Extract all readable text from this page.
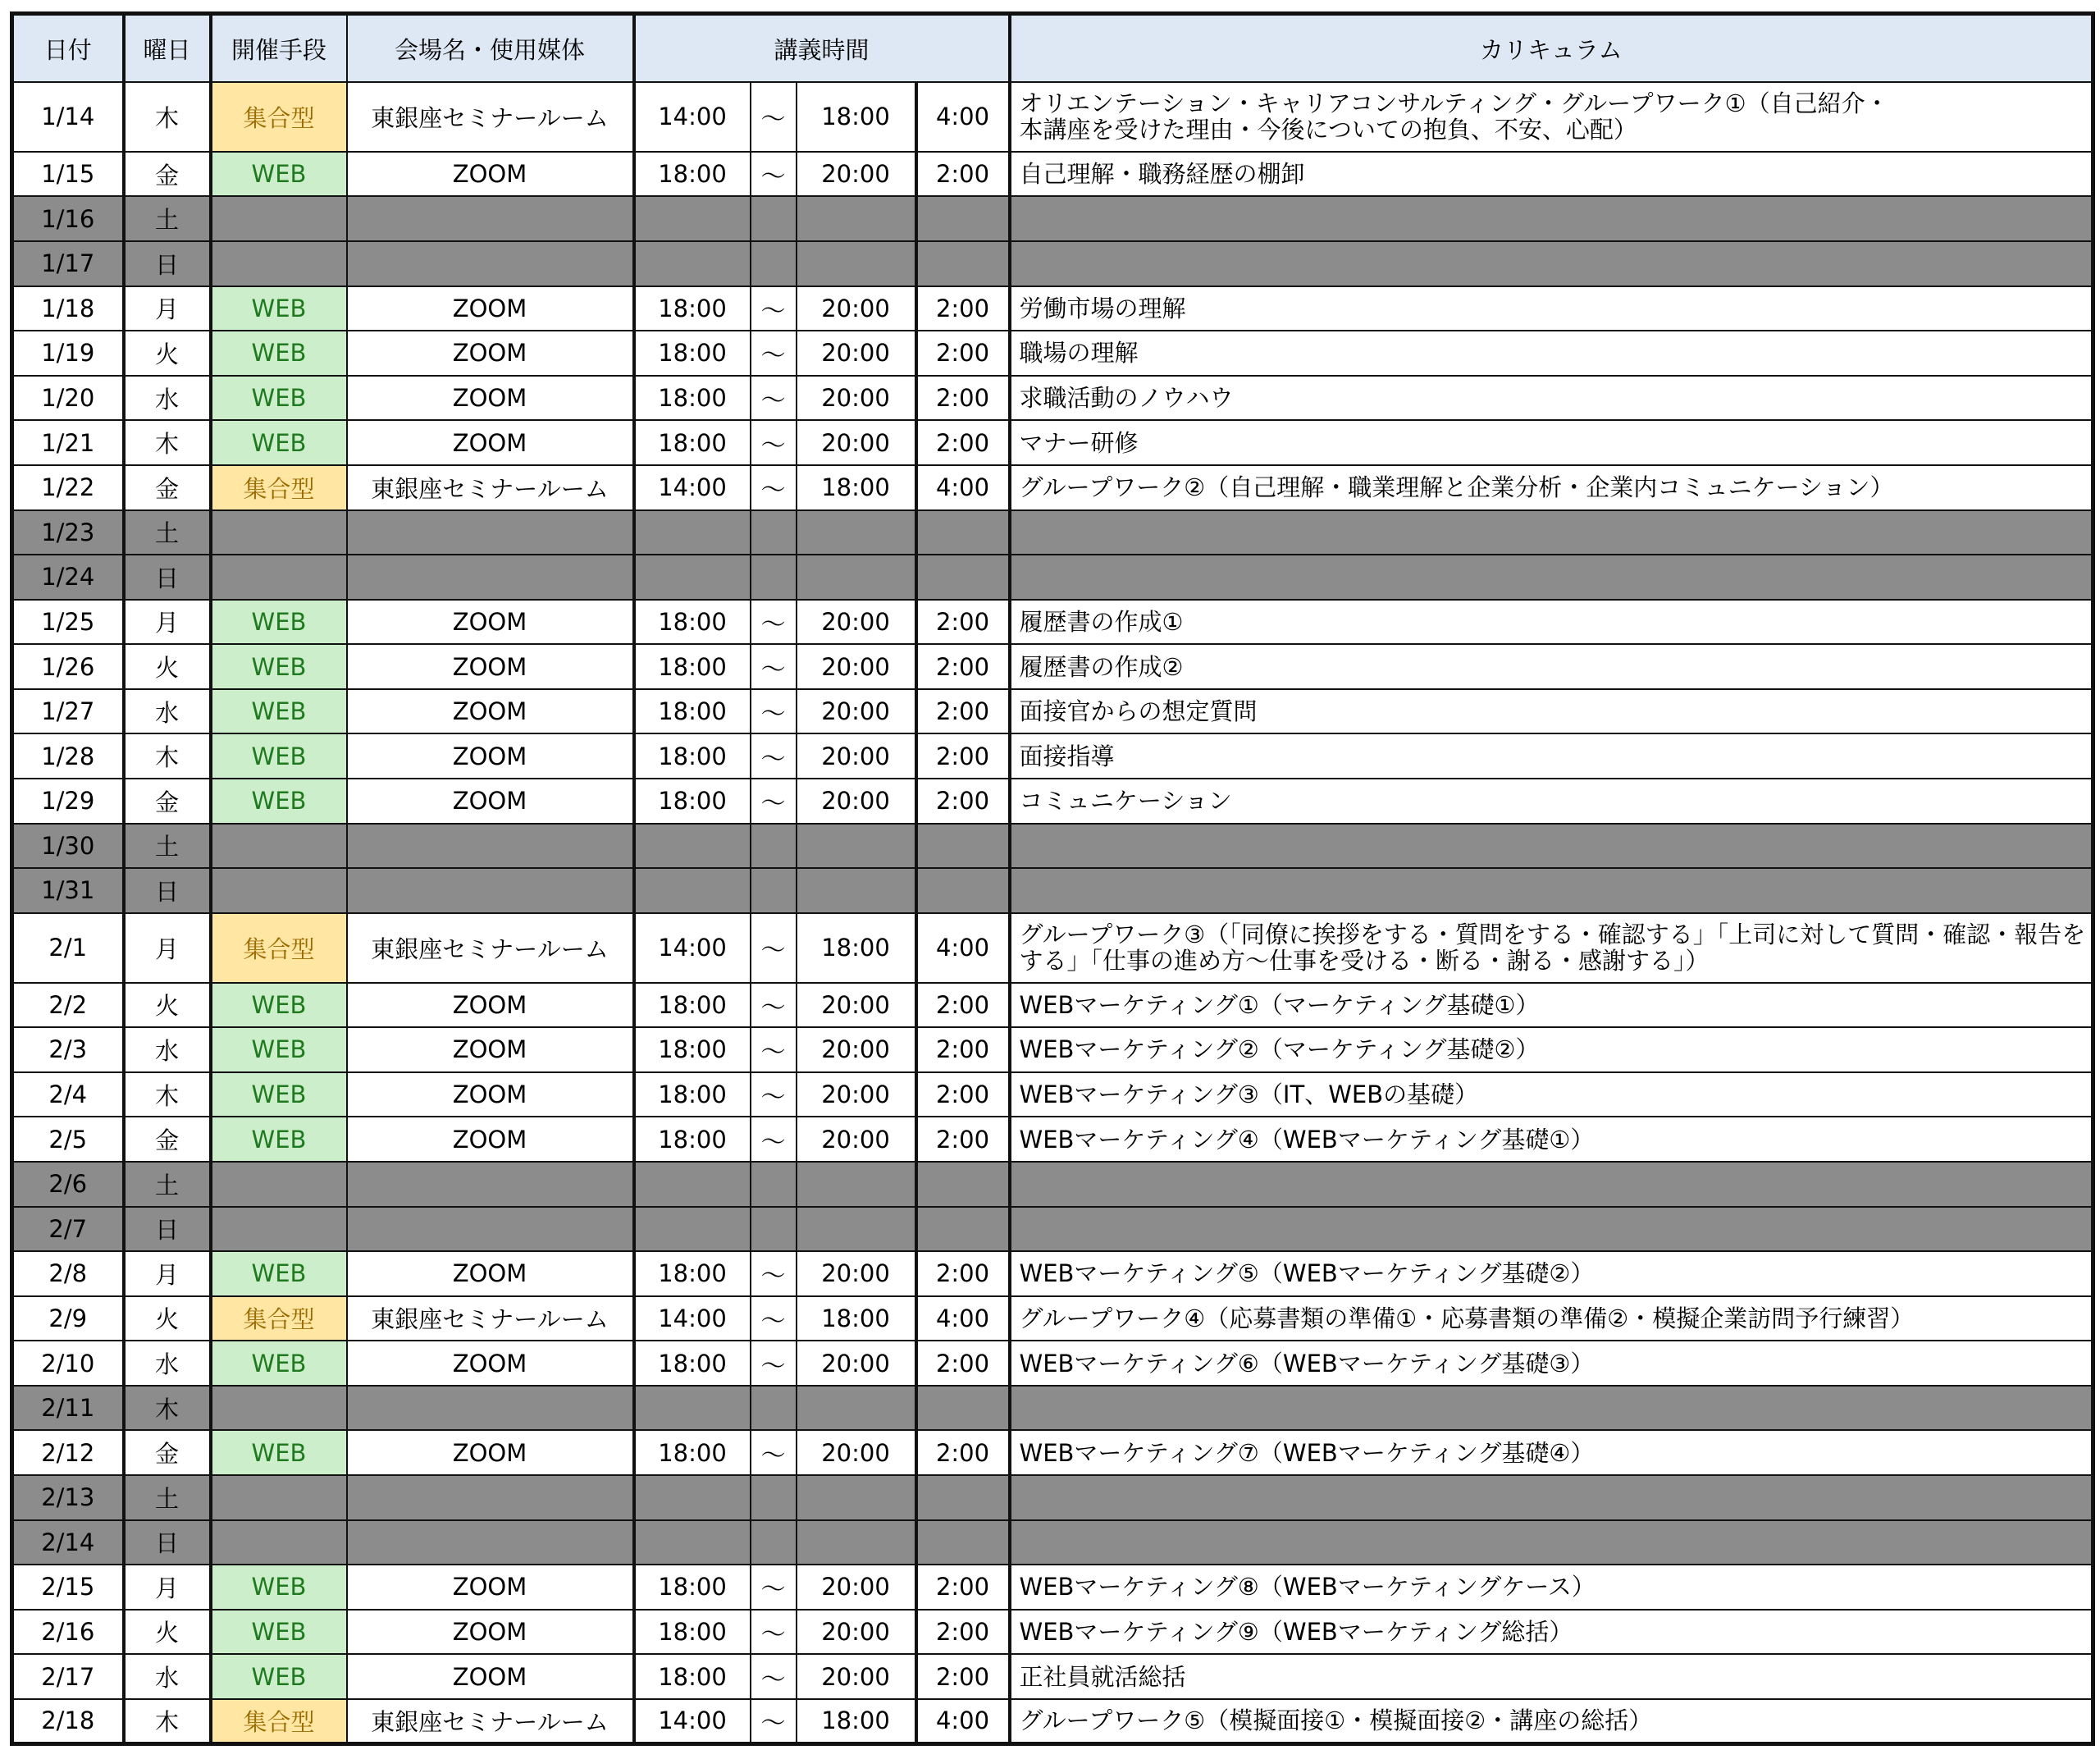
日付	曜日	開催手段	会場名・使用媒体	講義時間				カリキュラム
1/14	木	集合型	東銀座セミナールーム	14:00	～	18:00	4:00	オリエンテーション・キャリアコンサルティング・グループワーク①（自己紹介・
本講座を受けた理由・今後についての抱負、不安、心配）
1/15	金	WEB	ZOOM	18:00	～	20:00	2:00	自己理解・職務経歴の棚卸
1/16	土							
1/17	日							
1/18	月	WEB	ZOOM	18:00	～	20:00	2:00	労働市場の理解
1/19	火	WEB	ZOOM	18:00	～	20:00	2:00	職場の理解
1/20	水	WEB	ZOOM	18:00	～	20:00	2:00	求職活動のノウハウ
1/21	木	WEB	ZOOM	18:00	～	20:00	2:00	マナー研修
1/22	金	集合型	東銀座セミナールーム	14:00	～	18:00	4:00	グループワーク②（自己理解・職業理解と企業分析・企業内コミュニケーション）
1/23	土							
1/24	日							
1/25	月	WEB	ZOOM	18:00	～	20:00	2:00	履歴書の作成①
1/26	火	WEB	ZOOM	18:00	～	20:00	2:00	履歴書の作成②
1/27	水	WEB	ZOOM	18:00	～	20:00	2:00	面接官からの想定質問
1/28	木	WEB	ZOOM	18:00	～	20:00	2:00	面接指導
1/29	金	WEB	ZOOM	18:00	～	20:00	2:00	コミュニケーション
1/30	土							
1/31	日							
2/1	月	集合型	東銀座セミナールーム	14:00	～	18:00	4:00	グループワーク③（「同僚に挨拶をする・質問をする・確認する」「上司に対して質問・確認・報告を
する」「仕事の進め方～仕事を受ける・断る・謝る・感謝する」）
2/2	火	WEB	ZOOM	18:00	～	20:00	2:00	WEBマーケティング①（マーケティング基礎①）
2/3	水	WEB	ZOOM	18:00	～	20:00	2:00	WEBマーケティング②（マーケティング基礎②）
2/4	木	WEB	ZOOM	18:00	～	20:00	2:00	WEBマーケティング③（IT、WEBの基礎）
2/5	金	WEB	ZOOM	18:00	～	20:00	2:00	WEBマーケティング④（WEBマーケティング基礎①）
2/6	土							
2/7	日							
2/8	月	WEB	ZOOM	18:00	～	20:00	2:00	WEBマーケティング⑤（WEBマーケティング基礎②）
2/9	火	集合型	東銀座セミナールーム	14:00	～	18:00	4:00	グループワーク④（応募書類の準備①・応募書類の準備②・模擬企業訪問予行練習）
2/10	水	WEB	ZOOM	18:00	～	20:00	2:00	WEBマーケティング⑥（WEBマーケティング基礎③）
2/11	木							
2/12	金	WEB	ZOOM	18:00	～	20:00	2:00	WEBマーケティング⑦（WEBマーケティング基礎④）
2/13	土							
2/14	日							
2/15	月	WEB	ZOOM	18:00	～	20:00	2:00	WEBマーケティング⑧（WEBマーケティングケース）
2/16	火	WEB	ZOOM	18:00	～	20:00	2:00	WEBマーケティング⑨（WEBマーケティング総括）
2/17	水	WEB	ZOOM	18:00	～	20:00	2:00	正社員就活総括
2/18	木	集合型	東銀座セミナールーム	14:00	～	18:00	4:00	グループワーク⑤（模擬面接①・模擬面接②・講座の総括）
